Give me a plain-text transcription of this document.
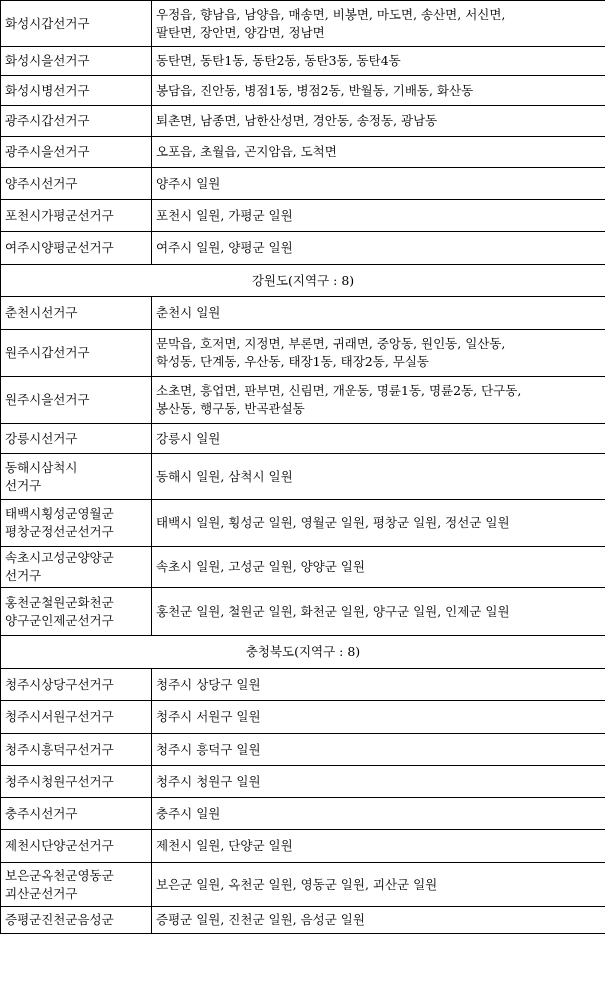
화성시갑선거구	우정읍, 향남읍, 남양읍, 매송면, 비봉면, 마도면, 송산면, 서신면,
팔탄면, 장안면, 양감면, 정남면
화성시을선거구	동탄면, 동탄1동, 동탄2동, 동탄3동, 동탄4동
화성시병선거구	봉담읍, 진안동, 병점1동, 병점2동, 반월동, 기배동, 화산동
광주시갑선거구	퇴촌면, 남종면, 남한산성면, 경안동, 송정동, 광남동
광주시을선거구	오포읍, 초월읍, 곤지암읍, 도척면
양주시선거구	양주시 일원
포천시가평군선거구	포천시 일원, 가평군 일원
여주시양평군선거구	여주시 일원, 양평군 일원
강원도(지역구 : 8)	
춘천시선거구	춘천시 일원
원주시갑선거구	문막읍, 호저면, 지정면, 부론면, 귀래면, 중앙동, 원인동, 일산동,
학성동, 단계동, 우산동, 태장1동, 태장2동, 무실동
원주시을선거구	소초면, 흥업면, 판부면, 신림면, 개운동, 명륜1동, 명륜2동, 단구동,
봉산동, 행구동, 반곡관설동
강릉시선거구	강릉시 일원
동해시삼척시
선거구	동해시 일원, 삼척시 일원
태백시횡성군영월군
평창군정선군선거구	태백시 일원, 횡성군 일원, 영월군 일원, 평창군 일원, 정선군 일원
속초시고성군양양군
선거구	속초시 일원, 고성군 일원, 양양군 일원
홍천군철원군화천군
양구군인제군선거구	홍천군 일원, 철원군 일원, 화천군 일원, 양구군 일원, 인제군 일원
충청북도(지역구 : 8)	
청주시상당구선거구	청주시 상당구 일원
청주시서원구선거구	청주시 서원구 일원
청주시흥덕구선거구	청주시 흥덕구 일원
청주시청원구선거구	청주시 청원구 일원
충주시선거구	충주시 일원
제천시단양군선거구	제천시 일원, 단양군 일원
보은군옥천군영동군
괴산군선거구	보은군 일원, 옥천군 일원, 영동군 일원, 괴산군 일원
증평군진천군음성군	증평군 일원, 진천군 일원, 음성군 일원
